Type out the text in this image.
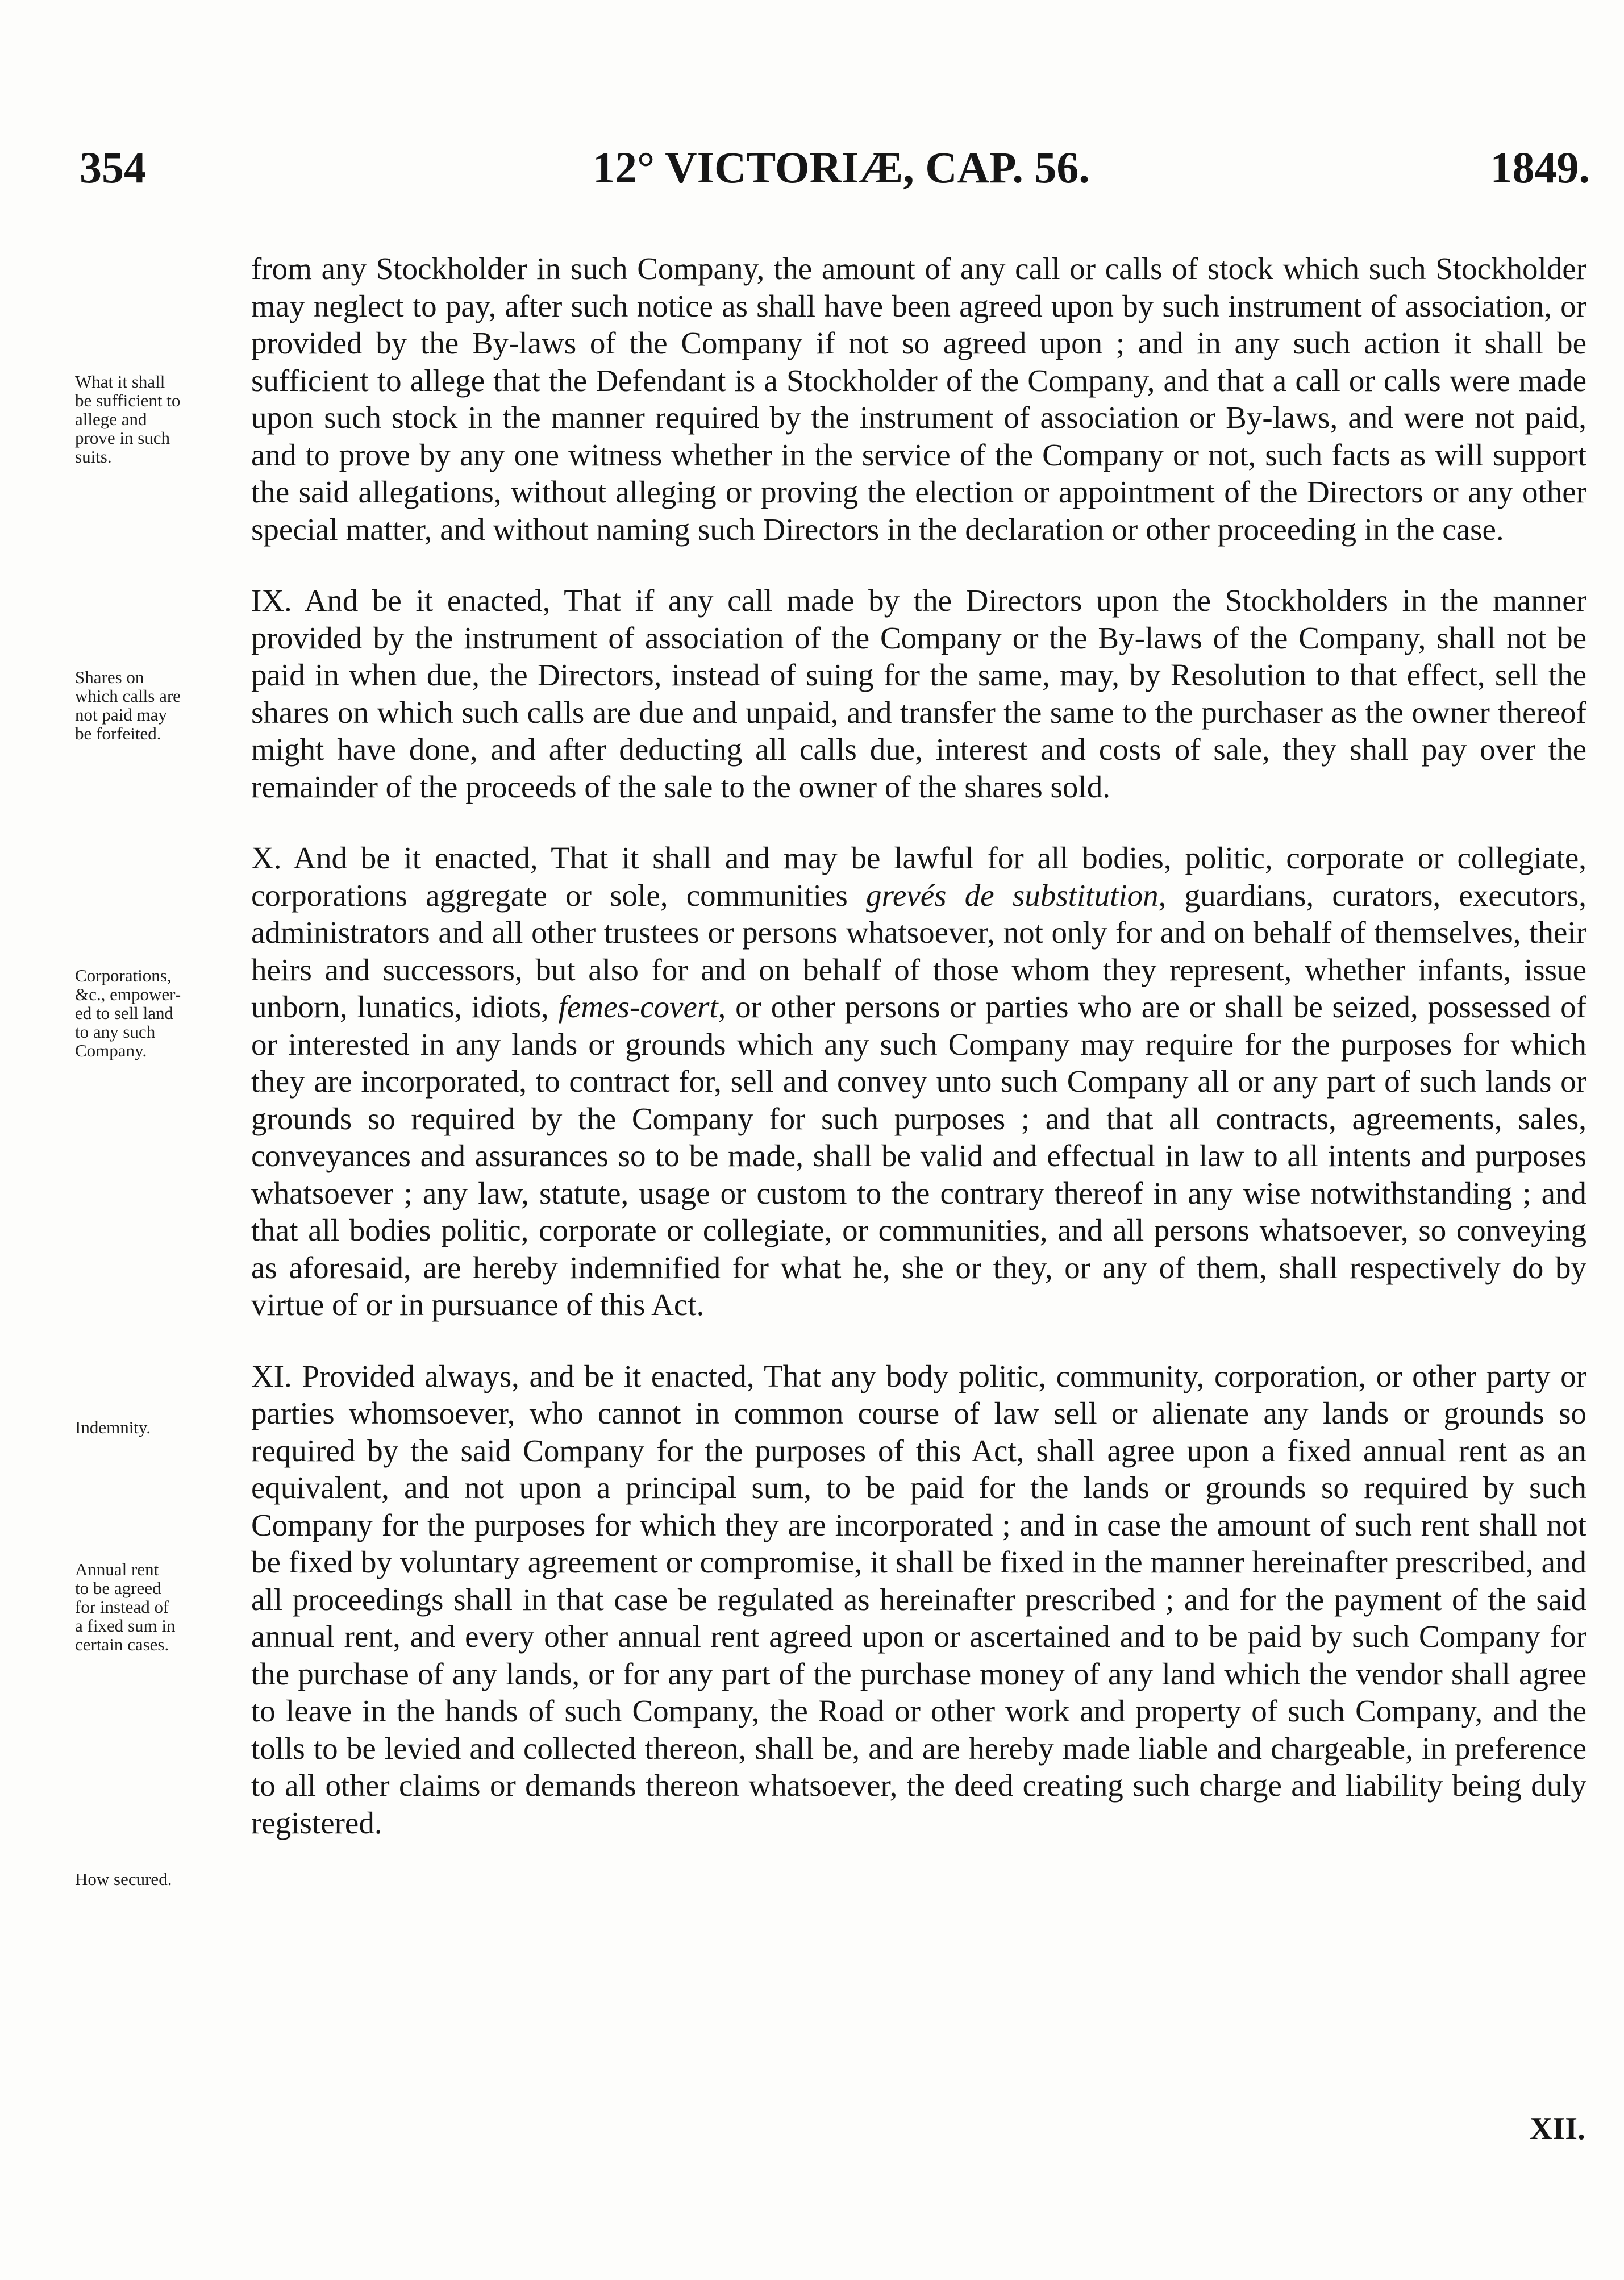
354	12° VICTORIÆ, CAP. 56.	1849.
What it shall
be sufficient to
allege and
prove in such
suits.
Shares on
which calls are
not paid may
be forfeited.
Corporations,
&c., empower-
ed to sell land
to any such
Company.
Indemnity.
Annual rent
to be agreed
for instead of
a fixed sum in
certain cases.
How secured.

from any Stockholder in such Company, the amount of any call or calls of stock which such Stockholder may neglect to pay, after such notice as shall have been agreed upon by such instrument of association, or provided by the By-laws of the Company if not so agreed upon ; and in any such action it shall be sufficient to allege that the Defendant is a Stockholder of the Company, and that a call or calls were made upon such stock in the manner required by the instrument of association or By-laws, and were not paid, and to prove by any one witness whether in the service of the Company or not, such facts as will support the said allegations, without alleging or proving the election or appointment of the Directors or any other special matter, and without naming such Directors in the declaration or other proceeding in the case.

IX. And be it enacted, That if any call made by the Directors upon the Stockholders in the manner provided by the instrument of association of the Company or the By-laws of the Company, shall not be paid in when due, the Directors, instead of suing for the same, may, by Resolution to that effect, sell the shares on which such calls are due and unpaid, and transfer the same to the purchaser as the owner thereof might have done, and after deducting all calls due, interest and costs of sale, they shall pay over the remainder of the proceeds of the sale to the owner of the shares sold.

X. And be it enacted, That it shall and may be lawful for all bodies, politic, corporate or collegiate, corporations aggregate or sole, communities grevés de substitution, guardians, curators, executors, administrators and all other trustees or persons whatsoever, not only for and on behalf of themselves, their heirs and successors, but also for and on behalf of those whom they represent, whether infants, issue unborn, lunatics, idiots, femes-covert, or other persons or parties who are or shall be seized, possessed of or interested in any lands or grounds which any such Company may require for the purposes for which they are incorporated, to contract for, sell and convey unto such Company all or any part of such lands or grounds so required by the Company for such purposes ; and that all contracts, agreements, sales, conveyances and assurances so to be made, shall be valid and effectual in law to all intents and purposes whatsoever ; any law, statute, usage or custom to the contrary thereof in any wise notwithstanding ; and that all bodies politic, corporate or collegiate, or communities, and all persons whatsoever, so conveying as aforesaid, are hereby indemnified for what he, she or they, or any of them, shall respectively do by virtue of or in pursuance of this Act.

XI. Provided always, and be it enacted, That any body politic, community, corporation, or other party or parties whomsoever, who cannot in common course of law sell or alienate any lands or grounds so required by the said Company for the purposes of this Act, shall agree upon a fixed annual rent as an equivalent, and not upon a principal sum, to be paid for the lands or grounds so required by such Company for the purposes for which they are incorporated ; and in case the amount of such rent shall not be fixed by voluntary agreement or compromise, it shall be fixed in the manner hereinafter prescribed, and all proceedings shall in that case be regulated as hereinafter prescribed ; and for the payment of the said annual rent, and every other annual rent agreed upon or ascertained and to be paid by such Company for the purchase of any lands, or for any part of the purchase money of any land which the vendor shall agree to leave in the hands of such Company, the Road or other work and property of such Company, and the tolls to be levied and collected thereon, shall be, and are hereby made liable and chargeable, in preference to all other claims or demands thereon whatsoever, the deed creating such charge and liability being duly registered.

XII.
